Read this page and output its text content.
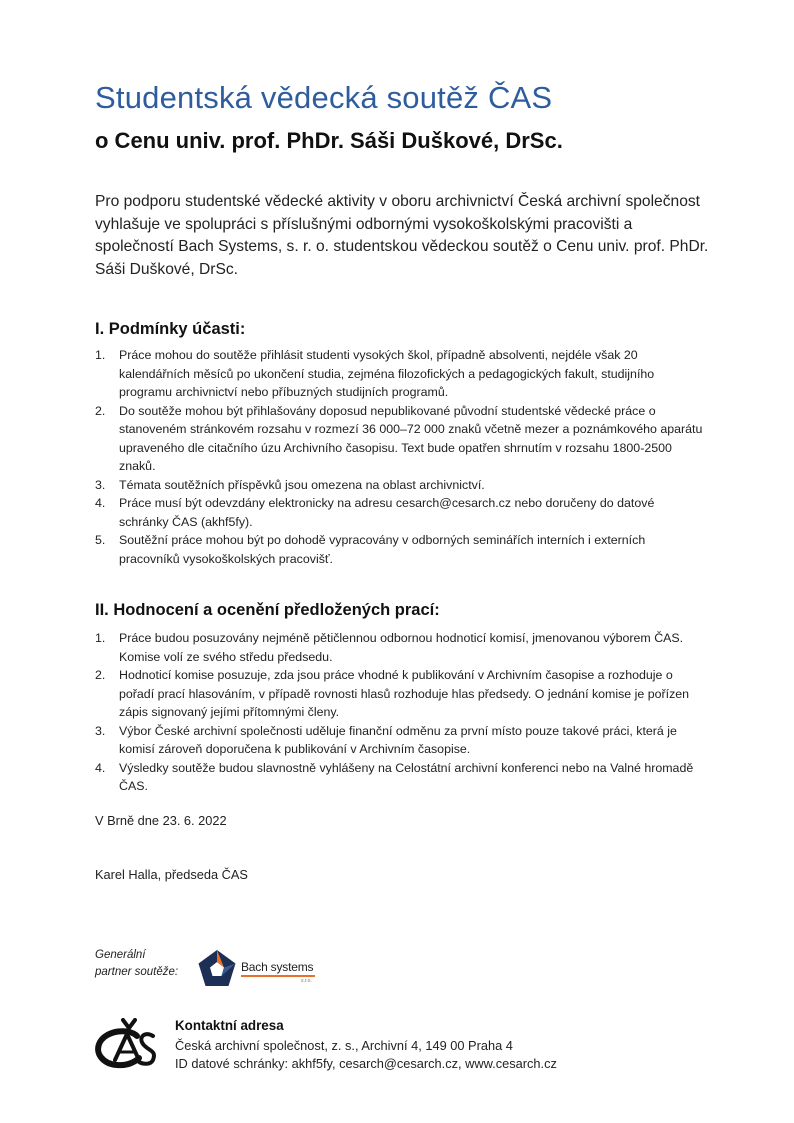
Studentská vědecká soutěž ČAS
o Cenu univ. prof. PhDr. Sáši Duškové, DrSc.

Pro podporu studentské vědecké aktivity v oboru archivnictví Česká archivní společnost vyhlašuje ve spolupráci s příslušnými odbornými vysokoškolskými pracovišti a společností Bach Systems, s. r. o. studentskou vědeckou soutěž o Cenu univ. prof. PhDr. Sáši Duškové, DrSc.

I. Podmínky účasti:
1.	Práce mohou do soutěže přihlásit studenti vysokých škol, případně absolventi, nejdéle však 20 kalendářních měsíců po ukončení studia, zejména filozofických a pedagogických fakult, studijního programu archivnictví nebo příbuzných studijních programů.
2.	Do soutěže mohou být přihlašovány doposud nepublikované původní studentské vědecké práce o stanoveném stránkovém rozsahu v rozmezí 36 000–72 000 znaků včetně mezer a poznámkového aparátu upraveného dle citačního úzu Archivního časopisu. Text bude opatřen shrnutím v rozsahu 1800-2500 znaků.
3.	Témata soutěžních příspěvků jsou omezena na oblast archivnictví.
4.	Práce musí být odevzdány elektronicky na adresu cesarch@cesarch.cz nebo doručeny do datové schránky ČAS (akhf5fy).
5.	Soutěžní práce mohou být po dohodě vypracovány v odborných seminářích interních i externích pracovníků vysokoškolských pracovišť.
II. Hodnocení a ocenění předložených prací:
1.	Práce budou posuzovány nejméně pětičlennou odbornou hodnoticí komisí, jmenovanou výborem ČAS. Komise volí ze svého středu předsedu.
2.	Hodnoticí komise posuzuje, zda jsou práce vhodné k publikování v Archivním časopise a rozhoduje o pořadí prací hlasováním, v případě rovnosti hlasů rozhoduje hlas předsedy. O jednání komise je pořízen zápis signovaný jejími přítomnými členy.
3.	Výbor České archivní společnosti uděluje finanční odměnu za první místo pouze takové práci, která je komisí zároveň doporučena k publikování v Archivním časopise.
4.	Výsledky soutěže budou slavnostně vyhlášeny na Celostátní archivní konferenci nebo na Valné hromadě ČAS.

V Brně dne 23. 6. 2022

Karel Halla, předseda ČAS

Generální
partner soutěže:	Bach systems
s.r.o.

Kontaktní adresa

Česká archivní společnost, z. s., Archivní 4, 149 00 Praha 4

ID datové schránky: akhf5fy, cesarch@cesarch.cz, www.cesarch.cz
